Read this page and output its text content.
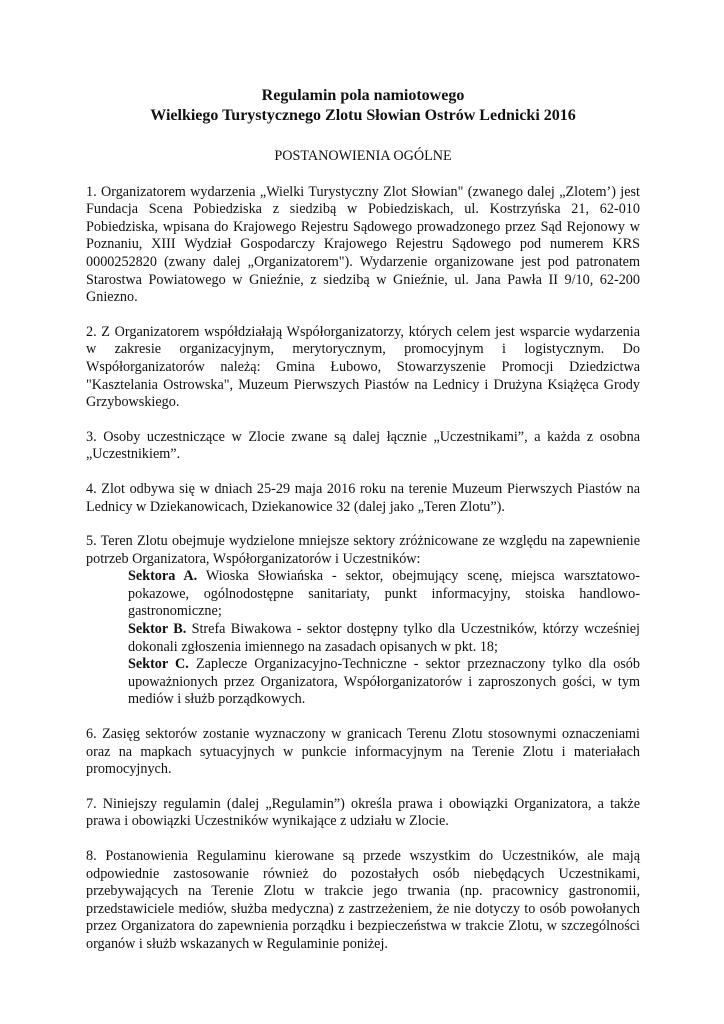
Regulamin pola namiotowego

Wielkiego Turystycznego Zlotu Słowian Ostrów Lednicki 2016

POSTANOWIENIA OGÓLNE

1. Organizatorem wydarzenia „Wielki Turystyczny Zlot Słowian" (zwanego dalej „Zlotem’) jest Fundacja Scena Pobiedziska z siedzibą w Pobiedziskach, ul. Kostrzyńska 21, 62-010 Pobiedziska, wpisana do Krajowego Rejestru Sądowego prowadzonego przez Sąd Rejonowy w Poznaniu, XIII Wydział Gospodarczy Krajowego Rejestru Sądowego pod numerem KRS 0000252820 (zwany dalej „Organizatorem"). Wydarzenie organizowane jest pod patronatem Starostwa Powiatowego w Gnieźnie, z siedzibą w Gnieźnie, ul. Jana Pawła II 9/10, 62-200 Gniezno.

2. Z Organizatorem współdziałają Współorganizatorzy, których celem jest wsparcie wydarzenia w zakresie organizacyjnym, merytorycznym, promocyjnym i logistycznym. Do Współorganizatorów należą: Gmina Łubowo, Stowarzyszenie Promocji Dziedzictwa "Kasztelania Ostrowska", Muzeum Pierwszych Piastów na Lednicy i Drużyna Książęca Grody Grzybowskiego.

3. Osoby uczestniczące w Zlocie zwane są dalej łącznie „Uczestnikami”, a każda z osobna „Uczestnikiem”.

4. Zlot odbywa się w dniach 25-29 maja 2016 roku na terenie Muzeum Pierwszych Piastów na Lednicy w Dziekanowicach, Dziekanowice 32 (dalej jako „Teren Zlotu”).

5. Teren Zlotu obejmuje wydzielone mniejsze sektory zróżnicowane ze względu na zapewnienie potrzeb Organizatora, Współorganizatorów i Uczestników:
Sektora A. Wioska Słowiańska - sektor, obejmujący scenę, miejsca warsztatowo-pokazowe, ogólnodostępne sanitariaty, punkt informacyjny, stoiska handlowo-gastronomiczne;
Sektor B. Strefa Biwakowa - sektor dostępny tylko dla Uczestników, którzy wcześniej dokonali zgłoszenia imiennego na zasadach opisanych w pkt. 18;
Sektor C. Zaplecze Organizacyjno-Techniczne - sektor przeznaczony tylko dla osób upoważnionych przez Organizatora, Współorganizatorów i zaproszonych gości, w tym mediów i służb porządkowych.

6. Zasięg sektorów zostanie wyznaczony w granicach Terenu Zlotu stosownymi oznaczeniami oraz na mapkach sytuacyjnych w punkcie informacyjnym na Terenie Zlotu i materiałach promocyjnych.

7. Niniejszy regulamin (dalej „Regulamin”) określa prawa i obowiązki Organizatora, a także prawa i obowiązki Uczestników wynikające z udziału w Zlocie.

8. Postanowienia Regulaminu kierowane są przede wszystkim do Uczestników, ale mają odpowiednie zastosowanie również do pozostałych osób niebędących Uczestnikami, przebywających na Terenie Zlotu w trakcie jego trwania (np. pracownicy gastronomii, przedstawiciele mediów, służba medyczna) z zastrzeżeniem, że nie dotyczy to osób powołanych przez Organizatora do zapewnienia porządku i bezpieczeństwa w trakcie Zlotu, w szczególności organów i służb wskazanych w Regulaminie poniżej.
